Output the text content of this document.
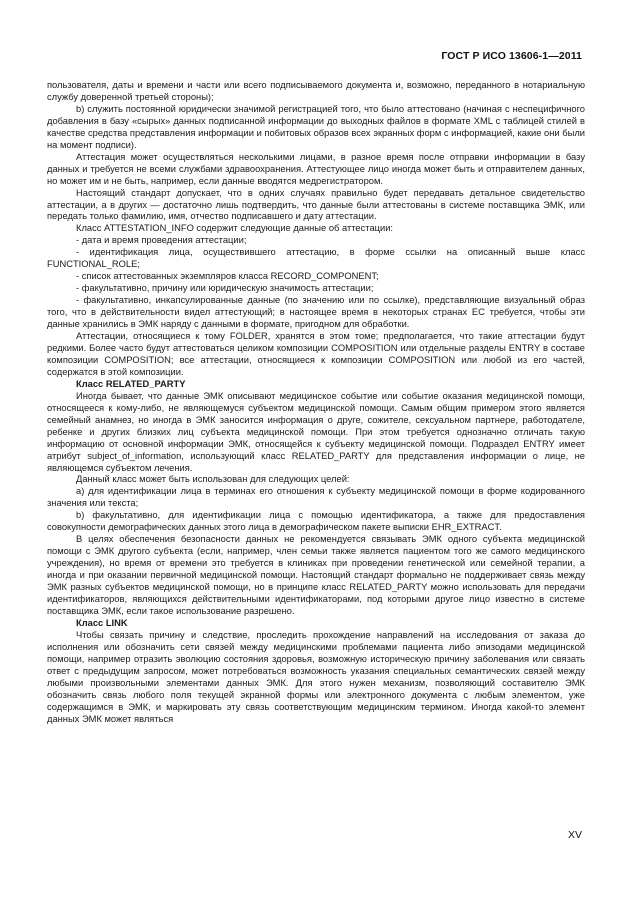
ГОСТ Р ИСО 13606-1—2011

пользователя, даты и времени и части или всего подписываемого документа и, возможно, переданного в нотариальную службу доверенной третьей стороны);

b) служить постоянной юридически значимой регистрацией того, что было аттестовано (начиная с неспецифичного добавления в базу «сырых» данных подписанной информации до выходных файлов в формате XML с таблицей стилей в качестве средства представления информации и побитовых образов всех экранных форм с информацией, какие они были на момент подписи).

Аттестация может осуществляться несколькими лицами, в разное время после отправки информации в базу данных и требуется не всеми службами здравоохранения. Аттестующее лицо иногда может быть и отправителем данных, но может им и не быть, например, если данные вводятся медрегистратором.

Настоящий стандарт допускает, что в одних случаях правильно будет передавать детальное свидетельство аттестации, а в других — достаточно лишь подтвердить, что данные были аттестованы в системе поставщика ЭМК, или передать только фамилию, имя, отчество подписавшего и дату аттестации.

Класс ATTESTATION_INFO содержит следующие данные об аттестации:

- дата и время проведения аттестации;

- идентификация лица, осуществившего аттестацию, в форме ссылки на описанный выше класс FUNCTIONAL_ROLE;

- список аттестованных экземпляров класса RECORD_COMPONENT;

- факультативно, причину или юридическую значимость аттестации;

- факультативно, инкапсулированные данные (по значению или по ссылке), представляющие визуальный образ того, что в действительности видел аттестующий; в настоящее время в некоторых странах ЕС требуется, чтобы эти данные хранились в ЭМК наряду с данными в формате, пригодном для обработки.

Аттестации, относящиеся к тому FOLDER, хранятся в этом томе; предполагается, что такие аттестации будут редкими. Более часто будут аттестоваться целиком композиции COMPOSITION или отдельные разделы ENTRY в составе композиции COMPOSITION; все аттестации, относящиеся к композиции COMPOSITION или любой из его частей, содержатся в этой композиции.

Класс RELATED_PARTY

Иногда бывает, что данные ЭМК описывают медицинское событие или событие оказания медицинской помощи, относящееся к кому-либо, не являющемуся субъектом медицинской помощи. Самым общим примером этого является семейный анамнез, но иногда в ЭМК заносится информация о друге, сожителе, сексуальном партнере, работодателе, ребенке и других близких лиц субъекта медицинской помощи. При этом требуется однозначно отличать такую информацию от основной информации ЭМК, относящейся к субъекту медицинской помощи. Подраздел ENTRY имеет атрибут subject_of_information, использующий класс RELATED_PARTY для представления информации о лице, не являющемся субъектом лечения.

Данный класс может быть использован для следующих целей:

а) для идентификации лица в терминах его отношения к субъекту медицинской помощи в форме кодированного значения или текста;

b) факультативно, для идентификации лица с помощью идентификатора, а также для предоставления совокупности демографических данных этого лица в демографическом пакете выписки EHR_EXTRACT.

В целях обеспечения безопасности данных не рекомендуется связывать ЭМК одного субъекта медицинской помощи с ЭМК другого субъекта (если, например, член семьи также является пациентом того же самого медицинского учреждения), но время от времени это требуется в клиниках при проведении генетической или семейной терапии, а иногда и при оказании первичной медицинской помощи. Настоящий стандарт формально не поддерживает связь между ЭМК разных субъектов медицинской помощи, но в принципе класс RELATED_PARTY можно использовать для передачи идентификаторов, являющихся действительными идентификаторами, под которыми другое лицо известно в системе поставщика ЭМК, если такое использование разрешено.

Класс LINK

Чтобы связать причину и следствие, проследить прохождение направлений на исследования от заказа до исполнения или обозначить сети связей между медицинскими проблемами пациента либо эпизодами медицинской помощи, например отразить эволюцию состояния здоровья, возможную историческую причину заболевания или связать ответ с предыдущим запросом, может потребоваться возможность указания специальных семантических связей между любыми произвольными элементами данных ЭМК. Для этого нужен механизм, позволяющий составителю ЭМК обозначить связь любого поля текущей экранной формы или электронного документа с любым элементом, уже содержащимся в ЭМК, и маркировать эту связь соответствующим медицинским термином. Иногда какой-то элемент данных ЭМК может являться

XV
